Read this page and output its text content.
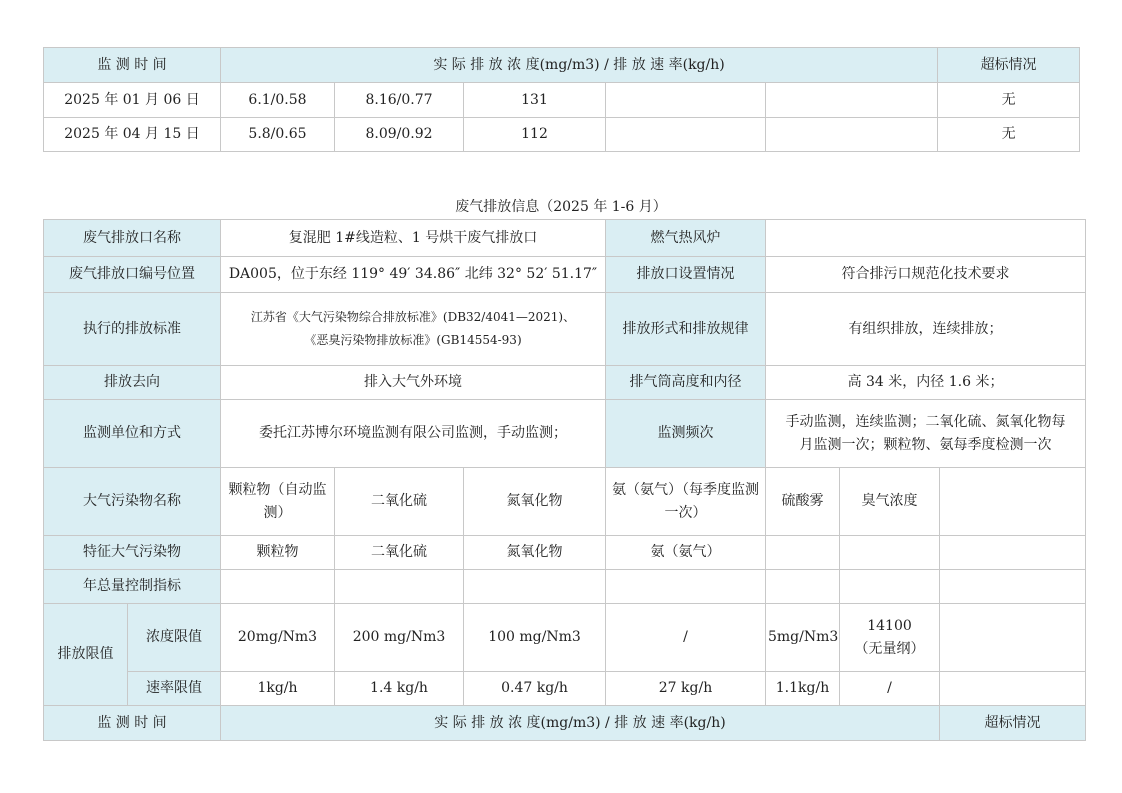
监 测 时 间	实 际 排 放 浓 度(mg/m3) / 排 放 速 率(kg/h)					超标情况
2025 年 01 月 06 日	6.1/0.58	8.16/0.77	131			无
2025 年 04 月 15 日	5.8/0.65	8.09/0.92	112			无
废气排放信息（2025 年 1-6 月）
废气排放口名称		复混肥 1#线造粒、1 号烘干废气排放口			燃气热风炉			
废气排放口编号位置		DA005，位于东经 119° 49′ 34.86″ 北纬 32° 52′ 51.17″			排放口设置情况	符合排污口规范化技术要求		
执行的排放标准		江苏省《大气污染物综合排放标准》(DB32/4041—2021)、
《恶臭污染物排放标准》(GB14554-93)			排放形式和排放规律	有组织排放，连续排放；		
排放去向		排入大气外环境			排气筒高度和内径	高 34 米，内径 1.6 米；		
监测单位和方式		委托江苏博尔环境监测有限公司监测，手动监测；			监测频次	手动监测，连续监测；二氧化硫、氮氧化物每
月监测一次；颗粒物、氨每季度检测一次		

大气污染物名称		颗粒物（自动监测）	二氧化硫	氮氧化物	氨（氨气）（每季度监测一次）	硫酸雾	臭气浓度	
特征大气污染物		颗粒物	二氧化硫	氮氧化物	氨（氨气）			
年总量控制指标								
排放限值	浓度限值	20mg/Nm3	200 mg/Nm3	100 mg/Nm3	/	5mg/Nm3	14100
（无量纲）	

	速率限值	1kg/h	1.4 kg/h	0.47 kg/h	27 kg/h	1.1kg/h	/	
监 测 时 间		实 际 排 放 浓 度(mg/m3) / 排 放 速 率(kg/h)						超标情况
